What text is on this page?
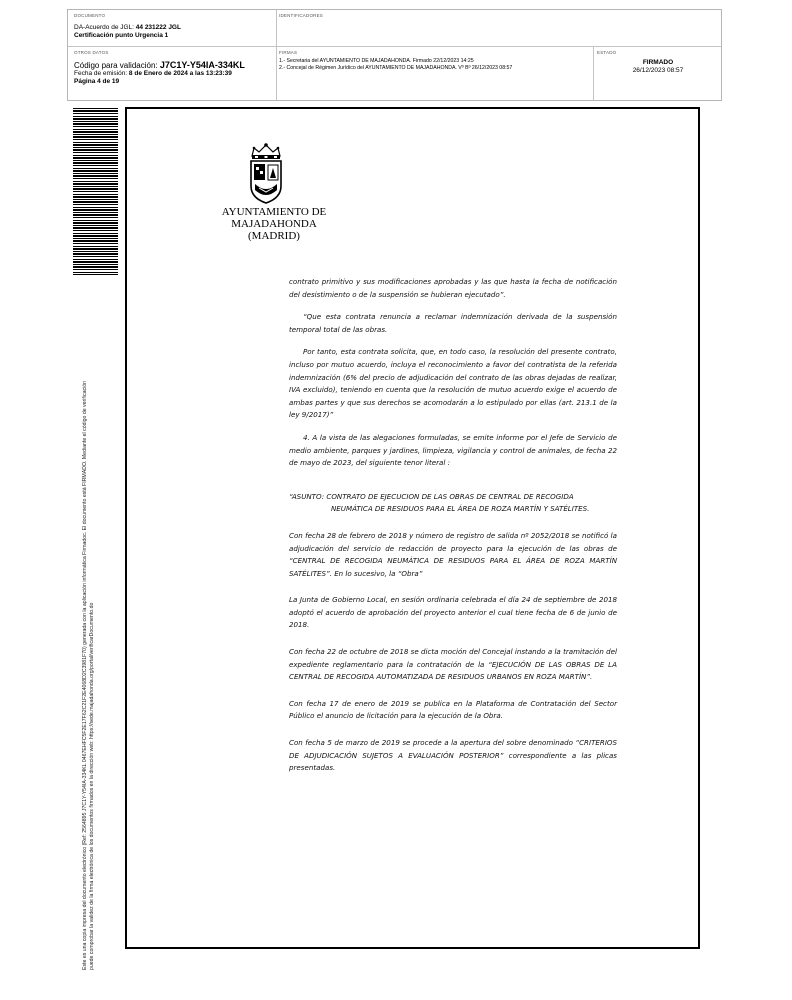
DOCUMENTO
DA-Acuerdo de JGL: 44 231222 JGL
Certificación punto Urgencia 1
IDENTIFICADORES
OTROS DATOS
Código para validación: J7C1Y-Y54IA-334KL
Fecha de emisión: 8 de Enero de 2024 a las 13:23:39
Página 4 de 19
FIRMAS
1.- Secretaria del AYUNTAMIENTO DE MAJADAHONDA. Firmado 22/12/2023 14:25
2.- Concejal de Régimen Jurídico del AYUNTAMIENTO DE MAJADAHONDA. Vº Bº 26/12/2023 08:57
ESTADO
FIRMADO
26/12/2023 08:57
Este es una copia impresa del documento electrónico (Ref: 2564895 J7C1Y-Y54IA-334KL 0467EHFC5F2E17F62C21F2E4068D2C3981F70) generada con la aplicación informática Firmadoc. El documento está FIRMADO. Mediante el código de verificación puede comprobar la validez de la firma electrónica de los documentos firmados en la dirección web: https://sede.majadahonda.org/portal/verificarDocumento.do
AYUNTAMIENTO DE
MAJADAHONDA
(MADRID)

contrato primitivo y sus modificaciones aprobadas y las que hasta la fecha de notificación del desistimiento o de la suspensión se hubieran ejecutado”.

“Que esta contrata renuncia a reclamar indemnización derivada de la suspensión temporal total de las obras.

Por tanto, esta contrata solicita, que, en todo caso, la resolución del presente contrato, incluso por mutuo acuerdo, incluya el reconocimiento a favor del contratista de la referida indemnización (6% del precio de adjudicación del contrato de las obras dejadas de realizar, IVA excluido), teniendo en cuenta que la resolución de mutuo acuerdo exige el acuerdo de ambas partes y que sus derechos se acomodarán a lo estipulado por ellas (art. 213.1 de la ley 9/2017)”

4. A la vista de las alegaciones formuladas, se emite informe por el Jefe de Servicio de medio ambiente, parques y jardines, limpieza, vigilancia y control de animales, de fecha 22 de mayo de 2023, del siguiente tenor literal :

“ASUNTO: CONTRATO DE EJECUCION DE LAS OBRAS DE CENTRAL DE RECOGIDA

NEUMÁTICA DE RESIDUOS PARA EL ÁREA DE ROZA MARTÍN Y SATÉLITES.

Con fecha 28 de febrero de 2018 y número de registro de salida nº 2052/2018 se notificó la adjudicación del servicio de redacción de proyecto para la ejecución de las obras de “CENTRAL DE RECOGIDA NEUMÁTICA DE RESIDUOS PARA EL ÁREA DE ROZA MARTÍN SATÉLITES”. En lo sucesivo, la “Obra”

La Junta de Gobierno Local, en sesión ordinaria celebrada el día 24 de septiembre de 2018 adoptó el acuerdo de aprobación del proyecto anterior el cual tiene fecha de 6 de junio de 2018.

Con fecha 22 de octubre de 2018 se dicta moción del Concejal instando a la tramitación del expediente reglamentario para la contratación de la “EJECUCIÓN DE LAS OBRAS DE LA CENTRAL DE RECOGIDA AUTOMATIZADA DE RESIDUOS URBANOS EN ROZA MARTÍN”.

Con fecha 17 de enero de 2019 se publica en la Plataforma de Contratación del Sector Público el anuncio de licitación para la ejecución de la Obra.

Con fecha 5 de marzo de 2019 se procede a la apertura del sobre denominado “CRITERIOS DE ADJUDICACIÓN SUJETOS A EVALUACIÓN POSTERIOR” correspondiente a las plicas presentadas.
